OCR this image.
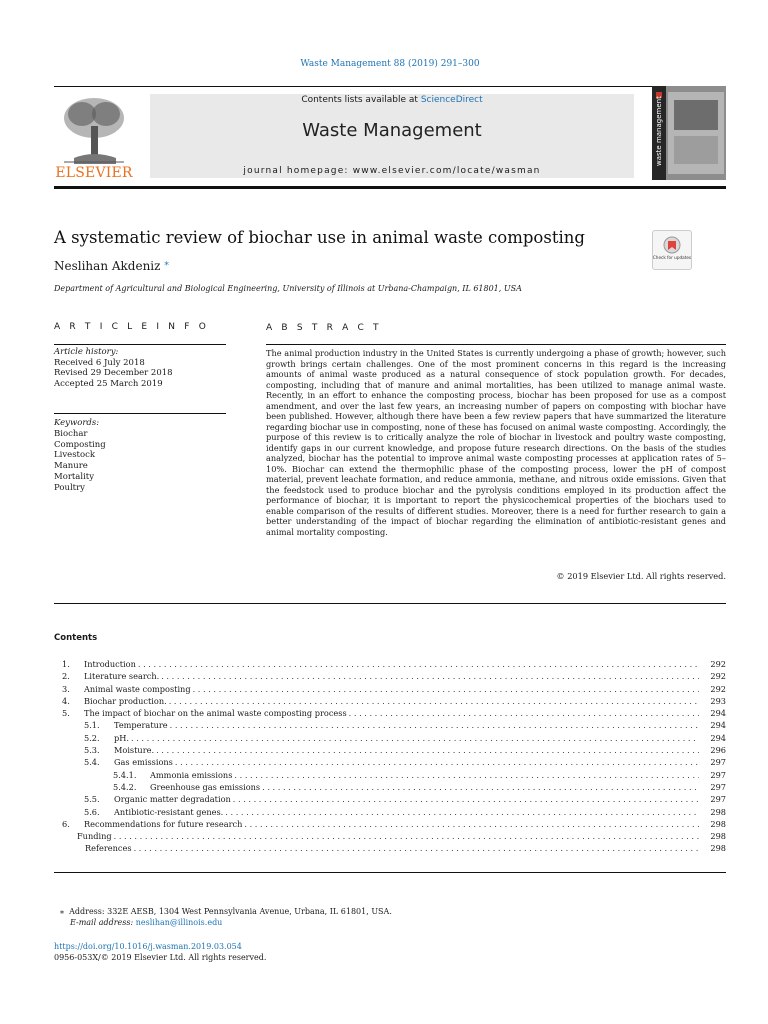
Waste Management 88 (2019) 291–300
ELSEVIER
Contents lists available at ScienceDirect
Waste Management
journal homepage: www.elsevier.com/locate/wasman
waste management
A systematic review of biochar use in animal waste composting
Check for updates
Neslihan Akdeniz ⁎
Department of Agricultural and Biological Engineering, University of Illinois at Urbana-Champaign, IL 61801, USA
A R T I C L E I N F O	A B S T R A C T
Article history:
Received 6 July 2018
Revised 29 December 2018
Accepted 25 March 2019
Keywords:
Biochar
Composting
Livestock
Manure
Mortality
Poultry
The animal production industry in the United States is currently undergoing a phase of growth; however, such growth brings certain challenges. One of the most prominent concerns in this regard is the increasing amounts of animal waste produced as a natural consequence of stock population growth. For decades, composting, including that of manure and animal mortalities, has been utilized to manage animal waste. Recently, in an effort to enhance the composting process, biochar has been proposed for use as a compost amendment, and over the last few years, an increasing number of papers on composting with biochar have been published. However, although there have been a few review papers that have summarized the literature regarding biochar use in composting, none of these has focused on animal waste composting. Accordingly, the purpose of this review is to critically analyze the role of biochar in livestock and poultry waste composting, identify gaps in our current knowledge, and propose future research directions. On the basis of the studies analyzed, biochar has the potential to improve animal waste composting processes at application rates of 5–10%. Biochar can extend the thermophilic phase of the composting process, lower the pH of compost material, prevent leachate formation, and reduce ammonia, methane, and nitrous oxide emissions. Given that the feedstock used to produce biochar and the pyrolysis conditions employed in its production affect the performance of biochar, it is important to report the physicochemical properties of the biochars used to enable comparison of the results of different studies. Moreover, there is a need for further research to gain a better understanding of the impact of biochar regarding the elimination of antibiotic-resistant genes and animal mortality composting.
© 2019 Elsevier Ltd. All rights reserved.
Contents
1.	Introduction . . .	292
2.	Literature search. . . .	292
3.	Animal waste composting . . .	292
4.	Biochar production. . . .	293
5.	The impact of biochar on the animal waste composting process . . .	294
5.1.	Temperature . . .	294
5.2.	pH. . . .	294
5.3.	Moisture. . . .	296
5.4.	Gas emissions . . .	297
5.4.1.	Ammonia emissions . . .	297
5.4.2.	Greenhouse gas emissions . . .	297
5.5.	Organic matter degradation . . .	297
5.6.	Antibiotic-resistant genes. . . .	298
6.	Recommendations for future research . . .	298
Funding . . .	298
References . . .	298
⁎ Address: 332E AESB, 1304 West Pennsylvania Avenue, Urbana, IL 61801, USA.
E-mail address: neslihan@illinois.edu
https://doi.org/10.1016/j.wasman.2019.03.054
0956-053X/© 2019 Elsevier Ltd. All rights reserved.
